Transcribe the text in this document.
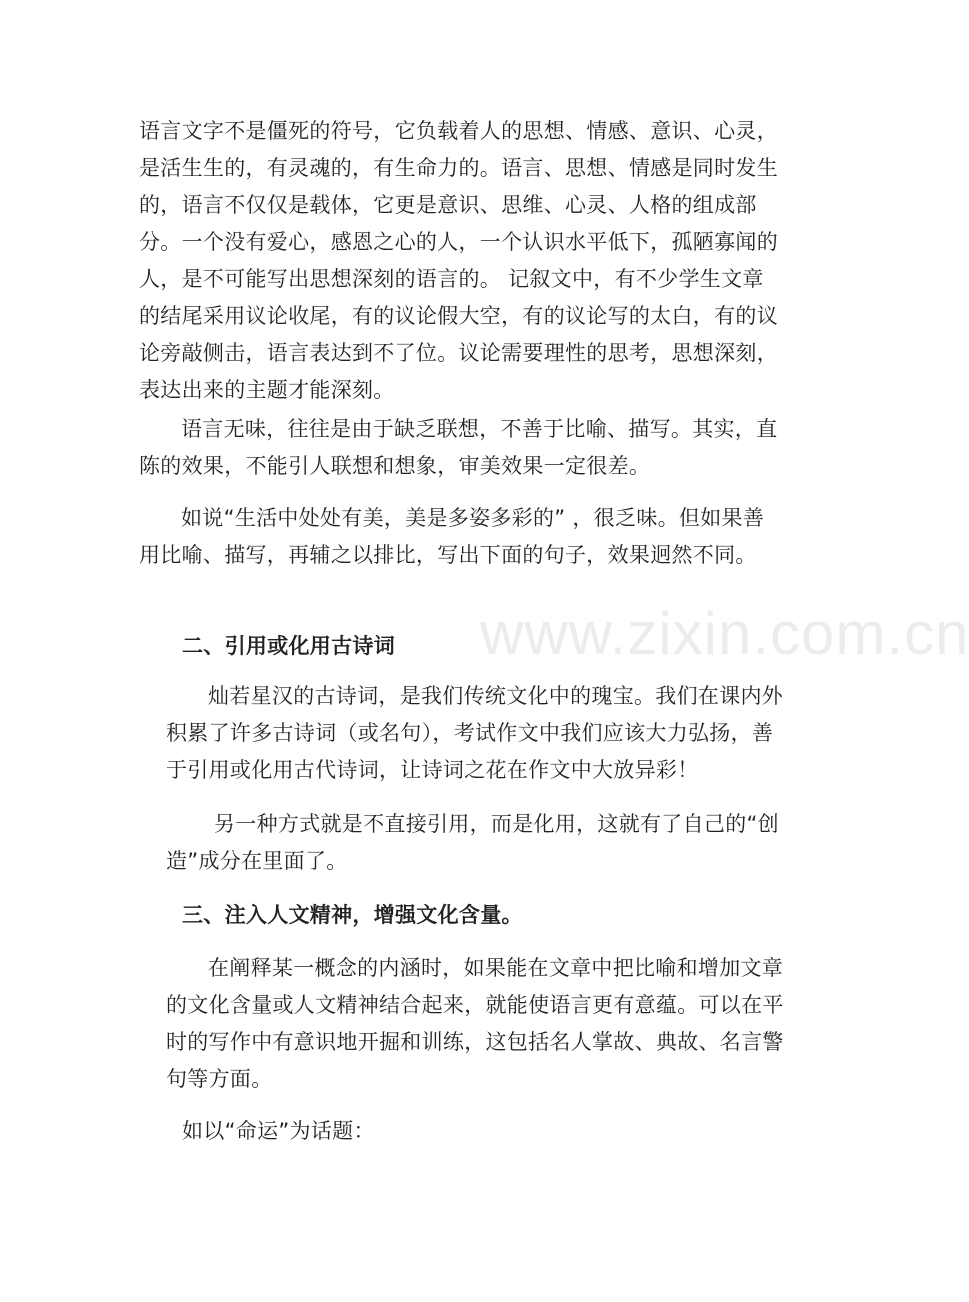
语言文字不是僵死的符号，它负载着人的思想、情感、意识、心灵，是活生生的，有灵魂的，有生命力的。语言、思想、情感是同时发生的，语言不仅仅是载体，它更是意识、思维、心灵、人格的组成部分。一个没有爱心，感恩之心的人，一个认识水平低下，孤陋寡闻的人，是不可能写出思想深刻的语言的。 记叙文中，有不少学生文章的结尾采用议论收尾，有的议论假大空，有的议论写的太白，有的议论旁敲侧击，语言表达到不了位。议论需要理性的思考，思想深刻，表达出来的主题才能深刻。

语言无味，往往是由于缺乏联想，不善于比喻、描写。其实，直陈的效果，不能引人联想和想象，审美效果一定很差。

如说“生活中处处有美，美是多姿多彩的” ，很乏味。但如果善用比喻、描写，再辅之以排比，写出下面的句子，效果迥然不同。

二、引用或化用古诗词

灿若星汉的古诗词，是我们传统文化中的瑰宝。我们在课内外积累了许多古诗词（或名句），考试作文中我们应该大力弘扬，善于引用或化用古代诗词，让诗词之花在作文中大放异彩！

另一种方式就是不直接引用，而是化用，这就有了自己的“创造”成分在里面了。

三、注入人文精神，增强文化含量。

在阐释某一概念的内涵时，如果能在文章中把比喻和增加文章的文化含量或人文精神结合起来，就能使语言更有意蕴。可以在平时的写作中有意识地开掘和训练，这包括名人掌故、典故、名言警句等方面。

如以“命运”为话题：

www.zixin.com.cn
